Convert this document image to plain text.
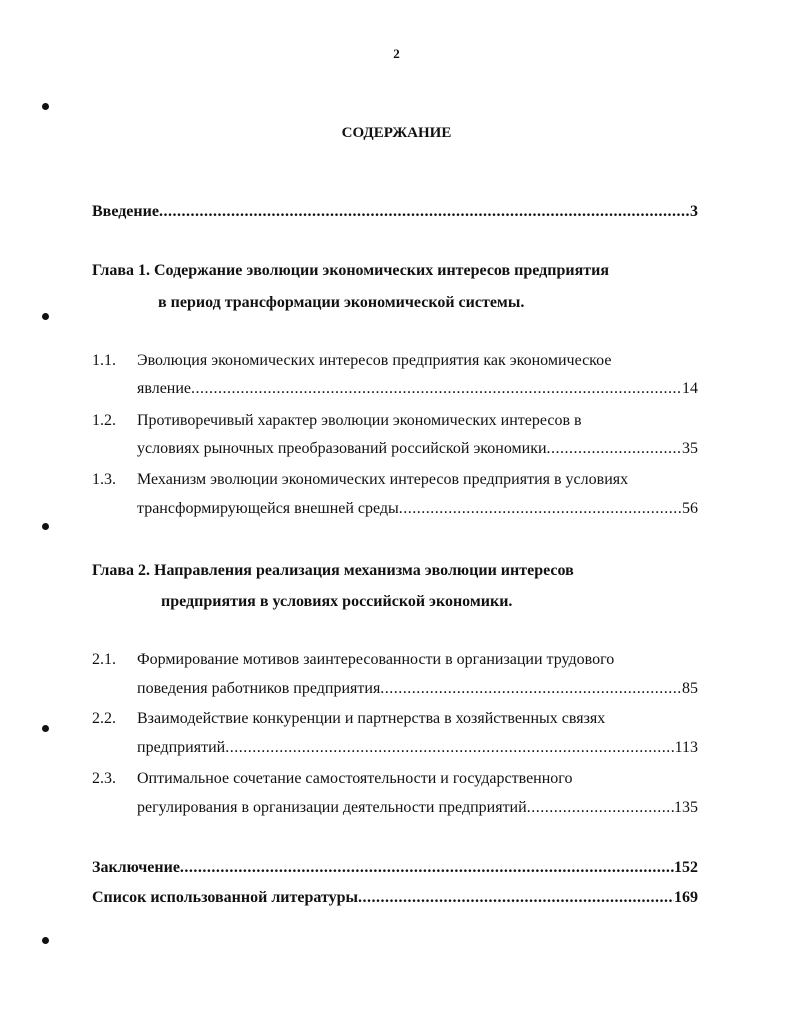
2
СОДЕРЖАНИЕ
Введение .....	3
Глава 1. Содержание эволюции экономических интересов предприятия
в период трансформации экономической системы.
1.1. Эволюция экономических интересов предприятия как экономическое
явление .....	14
1.2. Противоречивый характер эволюции экономических интересов в
условиях рыночных преобразований российской экономики .....	35
1.3. Механизм эволюции экономических интересов предприятия в условиях
трансформирующейся внешней среды .....	56
Глава 2. Направления реализация механизма эволюции интересов
предприятия в условиях российской экономики.
2.1. Формирование мотивов заинтересованности в организации трудового
поведения работников предприятия .....	85
2.2. Взаимодействие конкуренции и партнерства в хозяйственных связях
предприятий .....	113
2.3. Оптимальное сочетание самостоятельности и государственного
регулирования в организации деятельности предприятий .....	135
Заключение .....	152
Список использованной литературы .....	169
